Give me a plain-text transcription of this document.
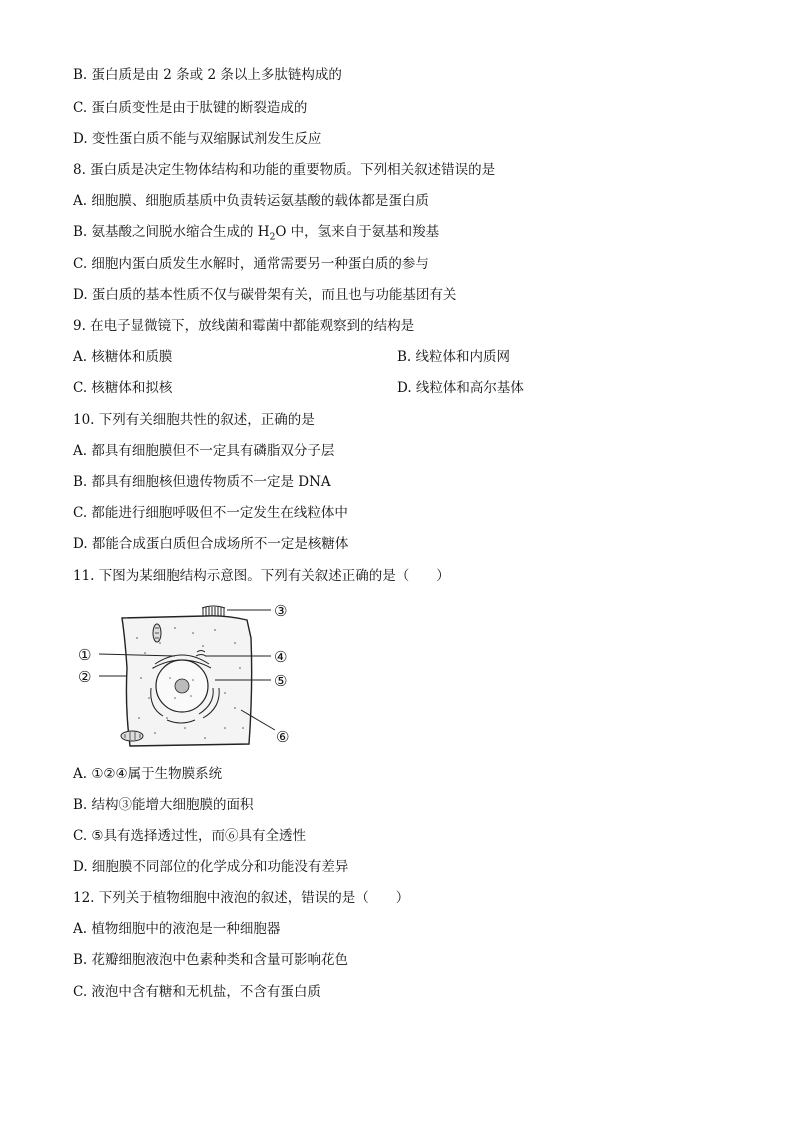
B. 蛋白质是由 2 条或 2 条以上多肽链构成的
C. 蛋白质变性是由于肽键的断裂造成的
D. 变性蛋白质不能与双缩脲试剂发生反应
8. 蛋白质是决定生物体结构和功能的重要物质。下列相关叙述错误的是
A. 细胞膜、细胞质基质中负责转运氨基酸的载体都是蛋白质
B. 氨基酸之间脱水缩合生成的 $H_2O$ 中，氢来自于氨基和羧基
C. 细胞内蛋白质发生水解时，通常需要另一种蛋白质的参与
D. 蛋白质的基本性质不仅与碳骨架有关，而且也与功能基团有关
9. 在电子显微镜下，放线菌和霉菌中都能观察到的结构是
A. 核糖体和质膜	B. 线粒体和内质网
C. 核糖体和拟核	D. 线粒体和高尔基体
10. 下列有关细胞共性的叙述，正确的是
A. 都具有细胞膜但不一定具有磷脂双分子层
B. 都具有细胞核但遗传物质不一定是 DNA
C. 都能进行细胞呼吸但不一定发生在线粒体中
D. 都能合成蛋白质但合成场所不一定是核糖体
11. 下图为某细胞结构示意图。下列有关叙述正确的是（　　）
①
②
③
④
⑤
⑥
A. ①②④属于生物膜系统
B. 结构③能增大细胞膜的面积
C. ⑤具有选择透过性，而⑥具有全透性
D. 细胞膜不同部位的化学成分和功能没有差异
12. 下列关于植物细胞中液泡的叙述，错误的是（　　）
A. 植物细胞中的液泡是一种细胞器
B. 花瓣细胞液泡中色素种类和含量可影响花色
C. 液泡中含有糖和无机盐，不含有蛋白质
